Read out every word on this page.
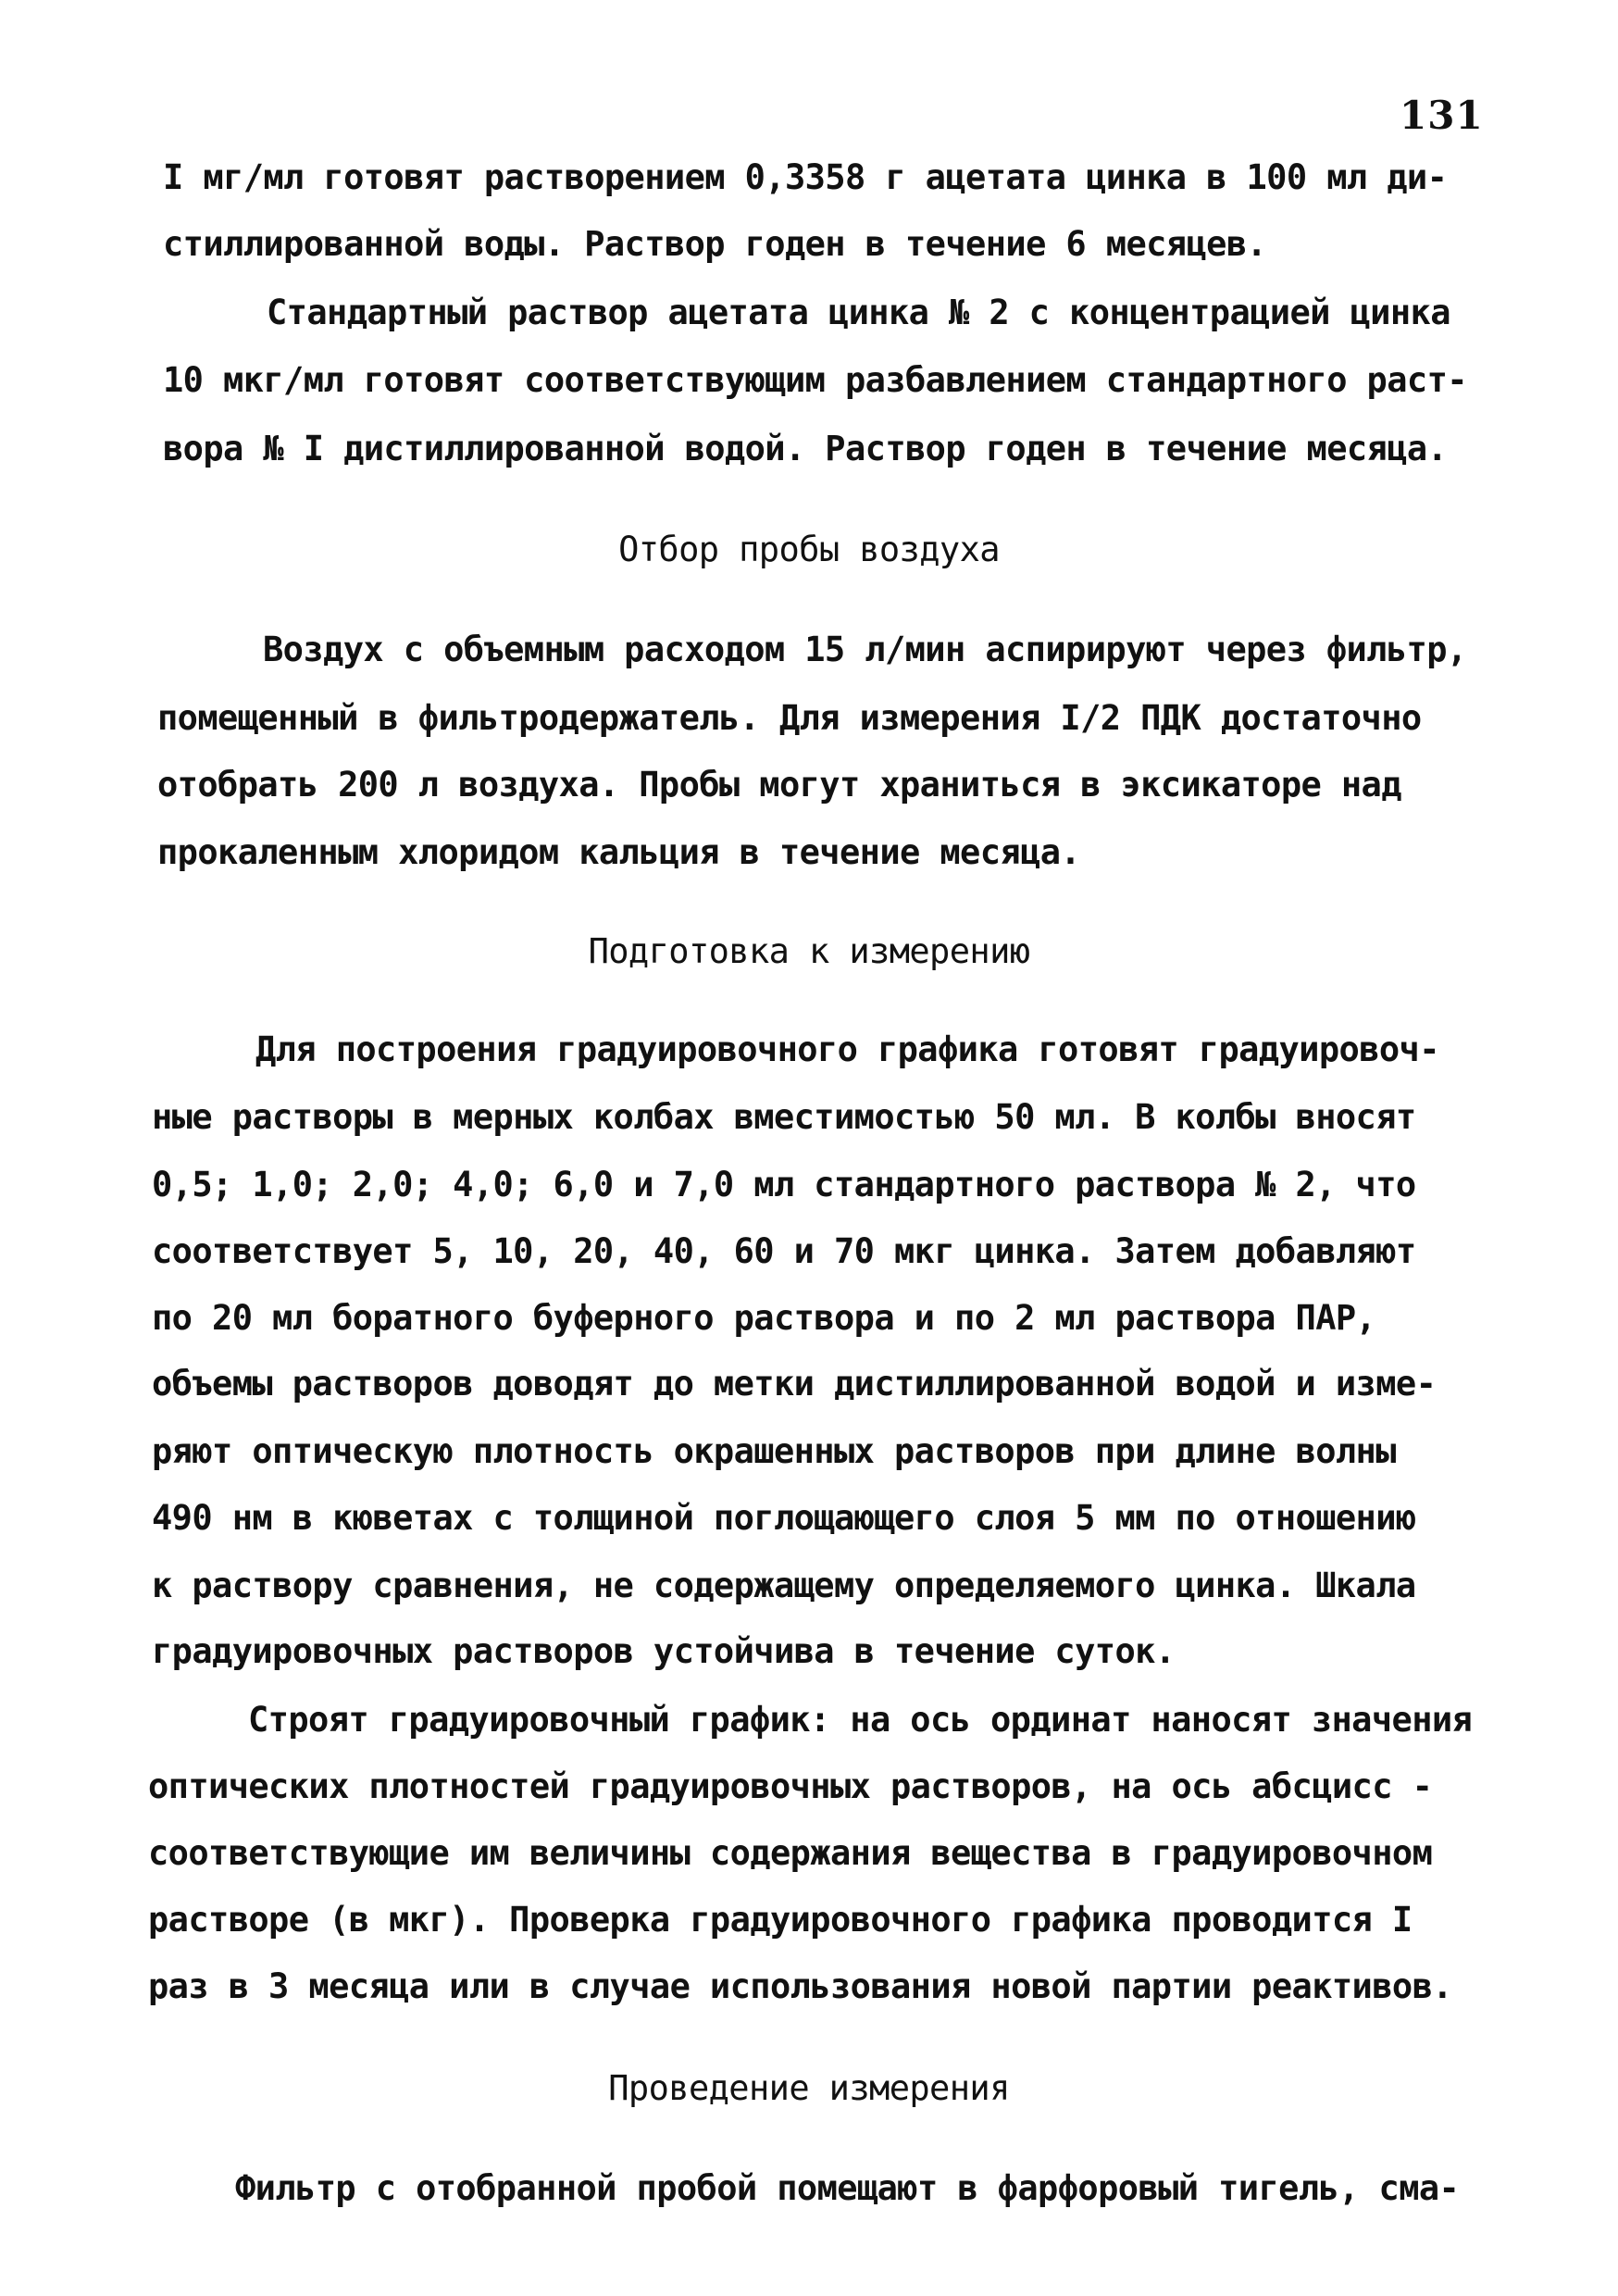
131
I мг/мл готовят растворением 0,3358 г ацетата цинка в 100 мл ди-
стиллированной воды. Раствор годен в течение 6 месяцев.
Стандартный раствор ацетата цинка № 2 с концентрацией цинка
10 мкг/мл готовят соответствующим разбавлением стандартного раст-
вора № I дистиллированной водой. Раствор годен в течение месяца.
Отбор пробы воздуха
Воздух с объемным расходом 15 л/мин аспирируют через фильтр,
помещенный в фильтродержатель. Для измерения I/2 ПДК достаточно
отобрать 200 л воздуха. Пробы могут храниться в эксикаторе над
прокаленным хлоридом кальция в течение месяца.
Подготовка к измерению
Для построения градуировочного графика готовят градуировоч-
ные растворы в мерных колбах вместимостью 50 мл. В колбы вносят
0,5; 1,0; 2,0; 4,0; 6,0 и 7,0 мл стандартного раствора № 2, что
соответствует 5, 10, 20, 40, 60 и 70 мкг цинка. Затем добавляют
по 20 мл боратного буферного раствора и по 2 мл раствора ПАР,
объемы растворов доводят до метки дистиллированной водой и изме-
ряют оптическую плотность окрашенных растворов при длине волны
490 нм в кюветах с толщиной поглощающего слоя 5 мм по отношению
к раствору сравнения, не содержащему определяемого цинка. Шкала
градуировочных растворов устойчива в течение суток.
Строят градуировочный график: на ось ординат наносят значения
оптических плотностей градуировочных растворов, на ось абсцисс -
соответствующие им величины содержания вещества в градуировочном
растворе (в мкг). Проверка градуировочного графика проводится I
раз в 3 месяца или в случае использования новой партии реактивов.
Проведение измерения
Фильтр с отобранной пробой помещают в фарфоровый тигель, сма-
